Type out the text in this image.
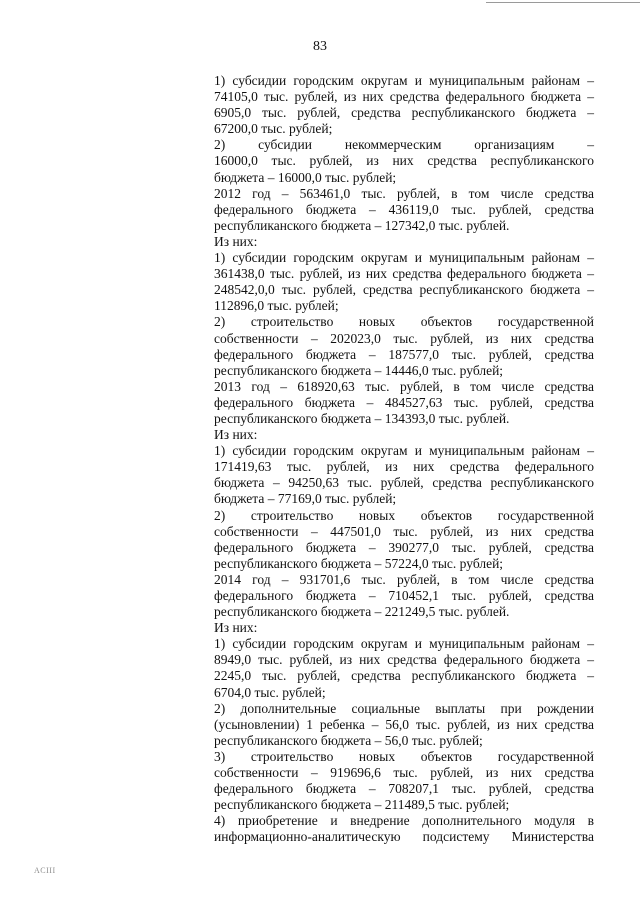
83
1) субсидии городским округам и муниципальным районам –
74105,0 тыс. рублей, из них средства федерального бюджета –
6905,0 тыс. рублей, средства республиканского бюджета –
67200,0 тыс. рублей;
2) субсидии некоммерческим организациям –
16000,0 тыс. рублей, из них средства республиканского
бюджета – 16000,0 тыс. рублей;
2012 год – 563461,0 тыс. рублей, в том числе средства
федерального бюджета – 436119,0 тыс. рублей, средства
республиканского бюджета – 127342,0 тыс. рублей.
Из них:
1) субсидии городским округам и муниципальным районам –
361438,0 тыс. рублей, из них средства федерального бюджета –
248542,0,0 тыс. рублей, средства республиканского бюджета –
112896,0 тыс. рублей;
2) строительство новых объектов государственной
собственности – 202023,0 тыс. рублей, из них средства
федерального бюджета – 187577,0 тыс. рублей, средства
республиканского бюджета – 14446,0 тыс. рублей;
2013 год – 618920,63 тыс. рублей, в том числе средства
федерального бюджета – 484527,63 тыс. рублей, средства
республиканского бюджета – 134393,0 тыс. рублей.
Из них:
1) субсидии городским округам и муниципальным районам –
171419,63 тыс. рублей, из них средства федерального
бюджета – 94250,63 тыс. рублей, средства республиканского
бюджета – 77169,0 тыс. рублей;
2) строительство новых объектов государственной
собственности – 447501,0 тыс. рублей, из них средства
федерального бюджета – 390277,0 тыс. рублей, средства
республиканского бюджета – 57224,0 тыс. рублей;
2014 год – 931701,6 тыс. рублей, в том числе средства
федерального бюджета – 710452,1 тыс. рублей, средства
республиканского бюджета – 221249,5 тыс. рублей.
Из них:
1) субсидии городским округам и муниципальным районам –
8949,0 тыс. рублей, из них средства федерального бюджета –
2245,0 тыс. рублей, средства республиканского бюджета –
6704,0 тыс. рублей;
2) дополнительные социальные выплаты при рождении
(усыновлении) 1 ребенка – 56,0 тыс. рублей, из них средства
республиканского бюджета – 56,0 тыс. рублей;
3) строительство новых объектов государственной
собственности – 919696,6 тыс. рублей, из них средства
федерального бюджета – 708207,1 тыс. рублей, средства
республиканского бюджета – 211489,5 тыс. рублей;
4) приобретение и внедрение дополнительного модуля в
информационно-аналитическую подсистему Министерства
ACIII
